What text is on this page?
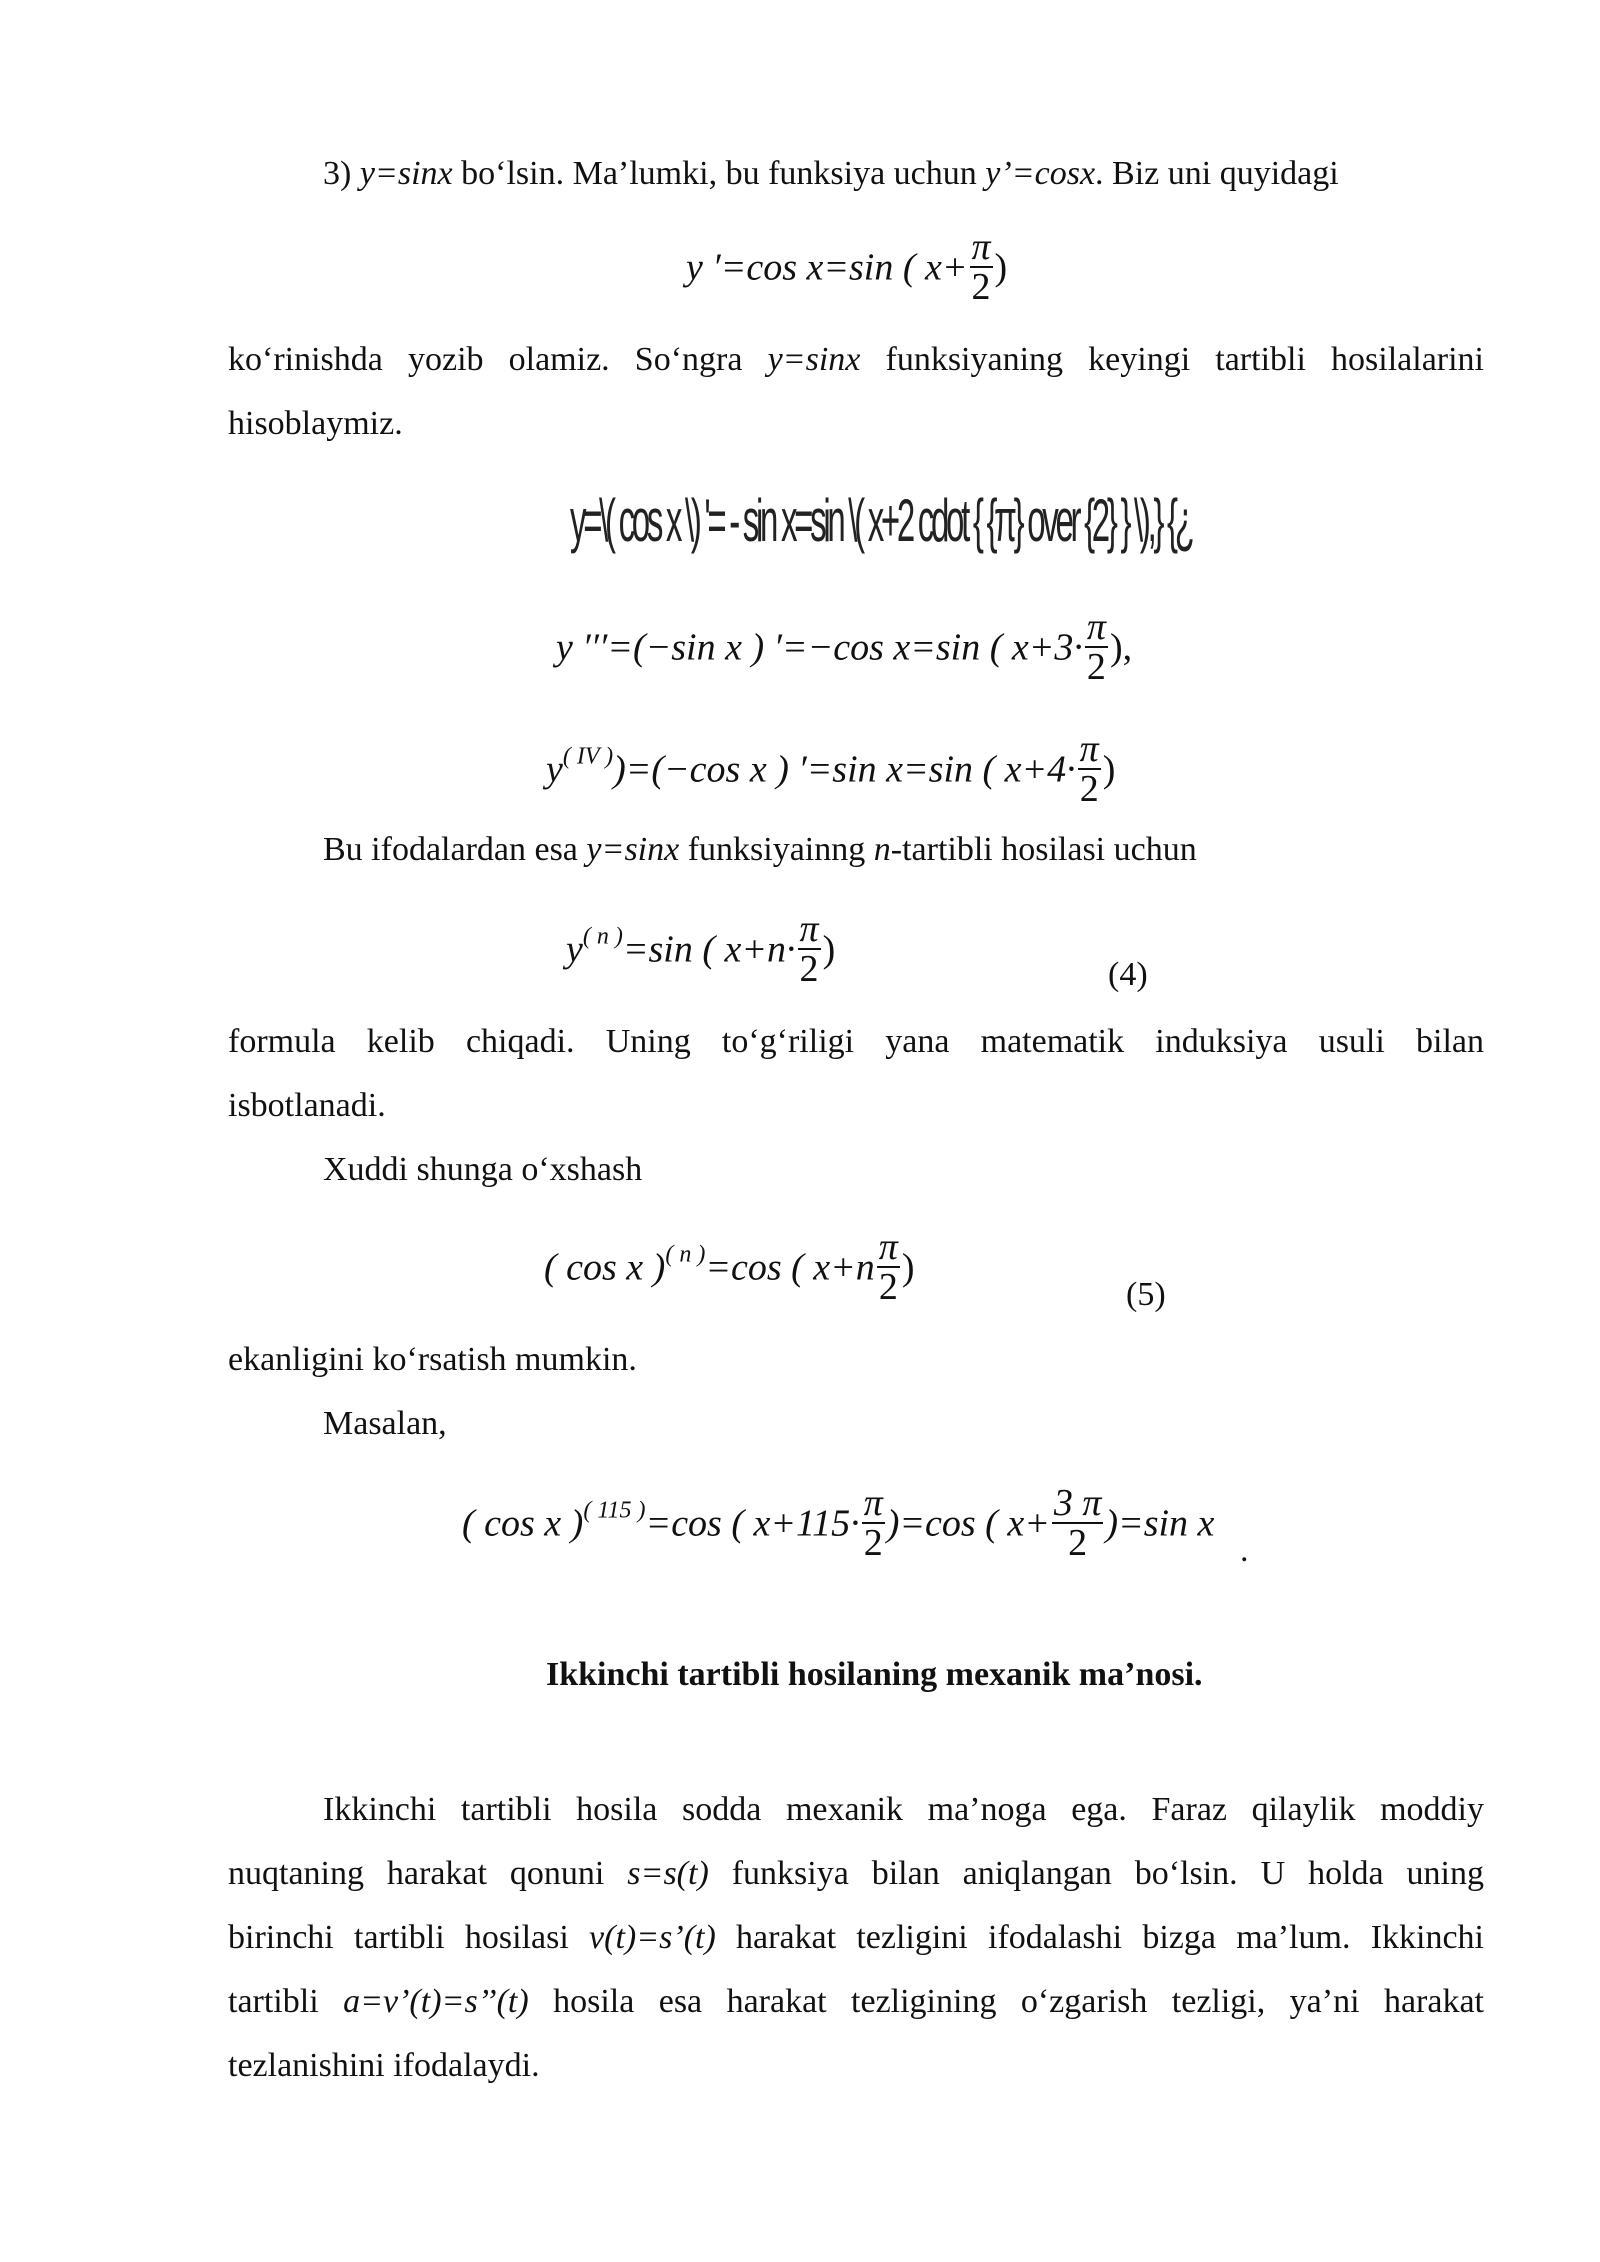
3) y=sinx bo‘lsin. Ma’lumki, bu funksiya uchun y’=cosx. Biz uni quyidagi
y ′=cos x=sin ( $x+ \frac{\pi}{2}$ )
ko‘rinishda yozib olamiz. So‘ngra y=sinx funksiyaning keyingi tartibli hosilalarini
hisoblaymiz.
y=\( cos x \) '= - sin x=sin \( x+2 cdot { {π} over {2} } \),} {¿
y ′′′=(−sin x ) ′=−cos x=sin ( $x+3\cdot \frac{\pi}{2}$ ),
$y^{( IV )})=(-\cos$ x ) ′=sin x=sin ( $x+4\cdot \frac{\pi}{2}$ )
Bu ifodalardan esa y=sinx funksiyainng n-tartibli hosilasi uchun
$y^{( n )}=\sin$ ( $x+n\cdot \frac{\pi}{2}$ )
(4)
formula kelib chiqadi. Uning to‘g‘riligi yana matematik induksiya usuli bilan
isbotlanadi.
Xuddi shunga o‘xshash
( cos x )$^{( n )}$=cos ( $x+n \frac{\pi}{2}$ )
(5)
ekanligini ko‘rsatish mumkin.
Masalan,
( cos x )$^{( 115 )}$=cos ( $x+115\cdot \frac{\pi}{2} )=\cos$ ( $x+ \frac{3 \pi}{2} )=\sin$ x
.
Ikkinchi tartibli hosilaning mexanik ma’nosi.
Ikkinchi tartibli hosila sodda mexanik ma’noga ega. Faraz qilaylik moddiy
nuqtaning harakat qonuni s=s(t) funksiya bilan aniqlangan bo‘lsin. U holda uning
birinchi tartibli hosilasi v(t)=s’(t) harakat tezligini ifodalashi bizga ma’lum. Ikkinchi
tartibli a=v’(t)=s’’(t) hosila esa harakat tezligining o‘zgarish tezligi, ya’ni harakat
tezlanishini ifodalaydi.
